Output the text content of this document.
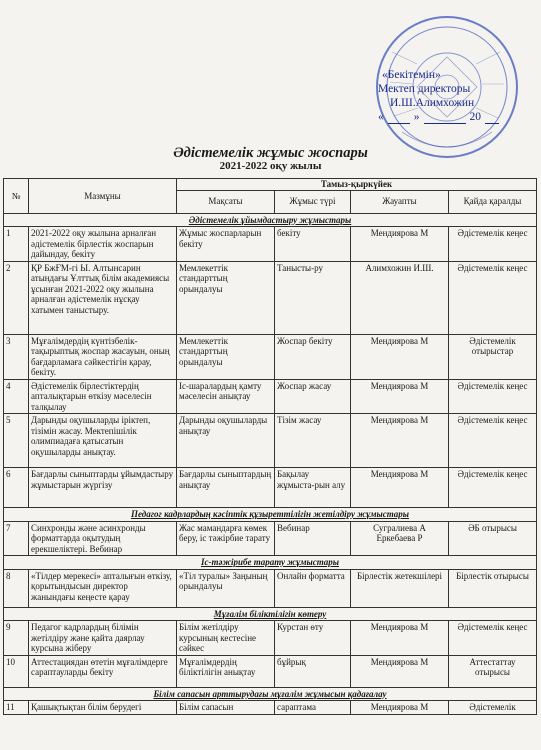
«Бекітемін»
Мектеп директоры
И.Ш.Алимхожин
«	»	20
Әдістемелік жұмыс жоспары
2021-2022 оқу жылы
№	Мазмұны	Тамыз-қыркүйек			
		Мақсаты	Жұмыс түрі	Жауапты	Қайда қаралды
Әдістемелік ұйымдастыру жұмыстары					
1	2021-2022 оқу жылына арналған әдістемелік бірлестік жоспарын дайындау, бекіту	Жұмыс жоспарларын бекіту	бекіту	Мендиярова М	Әдістемелік кеңес
2	ҚР БжҒМ-гі Ы. Алтынсарин атындағы Ұлттық білім академиясы ұсынған 2021-2022 оқу жылына арналған әдістемелік нұсқау хатымен таныстыру.	Мемлекеттік стандарттың орындалуы	Танысты-ру	Алимхожин И.Ш.	Әдістемелік кеңес
3	Мұғалімдердің күнтізбелік-тақырыптық жоспар жасауын, оның бағдарламаға сәйкестігін қарау, бекіту.	Мемлекеттік стандарттың орындалуы	Жоспар бекіту	Мендиярова М	Әдістемелік отырыстар
4	Әдістемелік бірлестіктердің апталықтарын өткізу мәселесін талқылау	Іс-шаралардың қамту мәселесін анықтау	Жоспар жасау	Мендиярова М	Әдістемелік кеңес
5	Дарынды оқушыларды іріктеп, тізімін жасау. Мектепішілік олимпиадаға қатысатын оқушыларды анықтау.	Дарынды оқушыларды анықтау	Тізім жасау	Мендиярова М	Әдістемелік кеңес
6	Бағдарлы сыныптарды ұйымдастыру жұмыстарын жүргізу	Бағдарлы сыныптардың анықтау	Бақылау жұмыста-рын алу	Мендиярова М	Әдістемелік кеңес
Педагог кадрлардың кәсіптік құзыреттілігін жетілдіру жұмыстары					
7	Синхронды және асинхронды форматтарда оқытудың ерекшеліктері. Вебинар	Жас мамандарға көмек беру, іс тәжірбие тарату	Вебинар	Сугралиева А Еркебаева Р	ӘБ отырысы
Іс-тәжірибе тарату жұмыстары					
8	«Тілдер мерекесі» апталығын өткізу, қорытындысын директор жанындағы кеңесте қарау	«Тіл туралы» Заңының орындалуы	Онлайн форматта	Бірлестік жетекшілері	Бірлестік отырысы
Мұғалім біліктілігін көтеру					
9	Педагог кадрлардың білімін жетілдіру және қайта даярлау курсына жіберу	Білім жетілдіру курсының кестесіне сәйкес	Курстан өту	Мендиярова М	Әдістемелік кеңес
10	Аттестациядан өтетін мұғалімдерге сараптауларды бекіту	Мұғалімдердің біліктілігін анықтау	бұйрық	Мендиярова М	Аттестаттау отырысы
Білім сапасын арттырудағы мұғалім жұмысын қадағалау					
11	Қашықтықтан білім берудегі	Білім сапасын	сараптама	Мендиярова М	Әдістемелік
